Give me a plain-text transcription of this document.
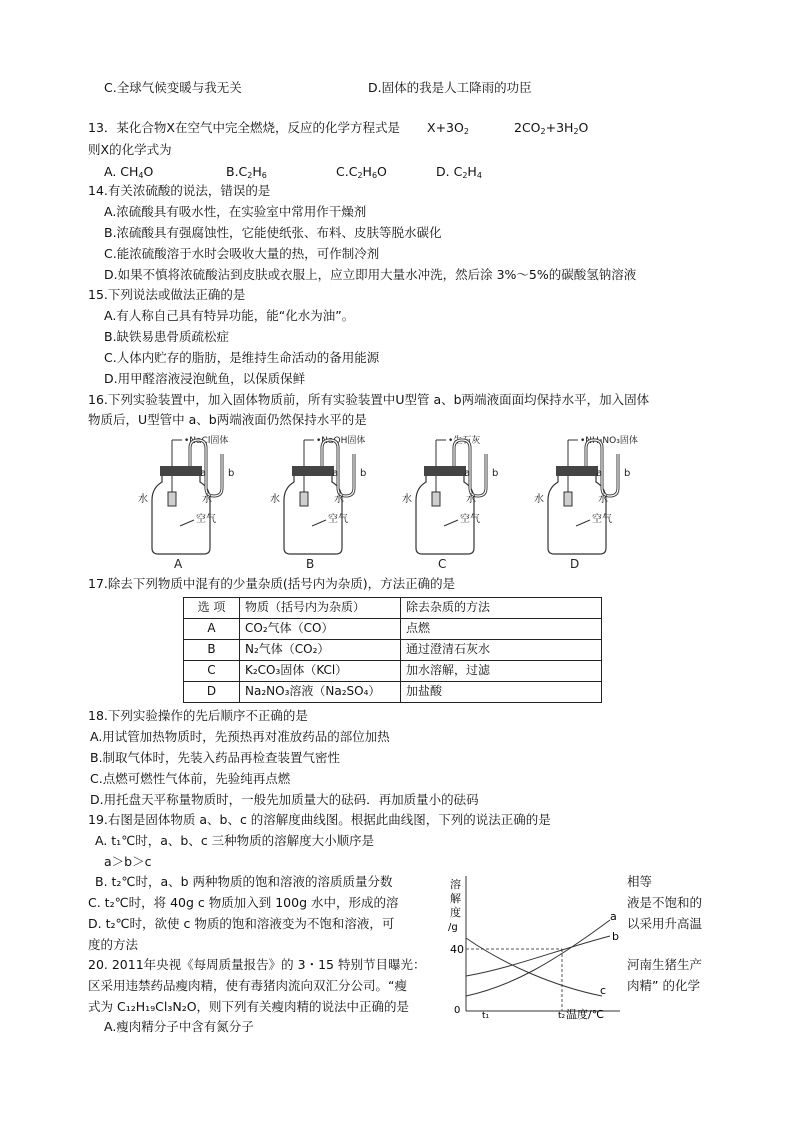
C.全球气候变暖与我无关	D.固体的我是人工降雨的功臣
13．某化合物X在空气中完全燃烧，反应的化学方程式是 $X+3O_2$	$2CO_2+3H_2O$
则X的化学式为
A. $CH_4O$	$B.C_2H_6$	$C.C_2H_6O$	D. $C_2H_4$
14.有关浓硫酸的说法，错误的是
A.浓硫酸具有吸水性，在实验室中常用作干燥剂
B.浓硫酸具有强腐蚀性，它能使纸张、布料、皮肤等脱水碳化
C.能浓硫酸溶于水时会吸收大量的热，可作制冷剂
D.如果不慎将浓硫酸沾到皮肤或衣服上，应立即用大量水冲洗，然后涂 3%～5%的碳酸氢钠溶液
15.下列说法或做法正确的是
A.有人称自己具有特异功能，能“化水为油”。
B.缺铁易患骨质疏松症
C.人体内贮存的脂肪，是维持生命活动的备用能源
D.用甲醛溶液浸泡鱿鱼，以保质保鲜
16.下列实验装置中，加入固体物质前，所有实验装置中U型管 a、b两端液面面均保持水平，加入固体
物质后，U型管中 a、b两端液面仍然保持水平的是
•NaCl固体
a b
水	水
空气
A
•NaOH固体
a b
水	水
空气
B
•生石灰
a b
水	水
空气
C
•NH₄NO₃固体
a b
水	水
空气
D
17.除去下列物质中混有的少量杂质(括号内为杂质)，方法正确的是
选 项	物质（括号内为杂质）	除去杂质的方法
A	CO₂气体（CO）	点燃
B	N₂气体（CO₂）	通过澄清石灰水
C	K₂CO₃固体（KCl）	加水溶解，过滤
D	Na₂NO₃溶液（Na₂SO₄）	加盐酸
18.下列实验操作的先后顺序不正确的是
A.用试管加热物质时，先预热再对准放药品的部位加热
B.制取气体时，先装入药品再检查装置气密性
C.点燃可燃性气体前，先验纯再点燃
D.用托盘天平称量物质时，一般先加质量大的砝码．再加质量小的砝码
19.右图是固体物质 a、b、c 的溶解度曲线图。根据此曲线图，下列的说法正确的是
A. t₁℃时，a、b、c 三种物质的溶解度大小顺序是
a＞b＞c
B. t₂℃时，a、b 两种物质的饱和溶液的溶质质量分数	相等
C. t₂℃时，将 40g c 物质加入到 100g 水中，形成的溶	液是不饱和的
D. t₂℃时，欲使 c 物质的饱和溶液变为不饱和溶液，可	以采用升高温
度的方法
溶
解
度
/g
40
a
b
c
0 t₁	t₂ 温度/℃
20. 2011年央视《每周质量报告》的 3・15 特别节目曝光：	河南生猪生产
区采用违禁药品瘦肉精，使有毒猪肉流向双汇分公司。“瘦	肉精” 的化学
式为 C₁₂H₁₉Cl₃N₂O，则下列有关瘦肉精的说法中正确的是
A.瘦肉精分子中含有氮分子
